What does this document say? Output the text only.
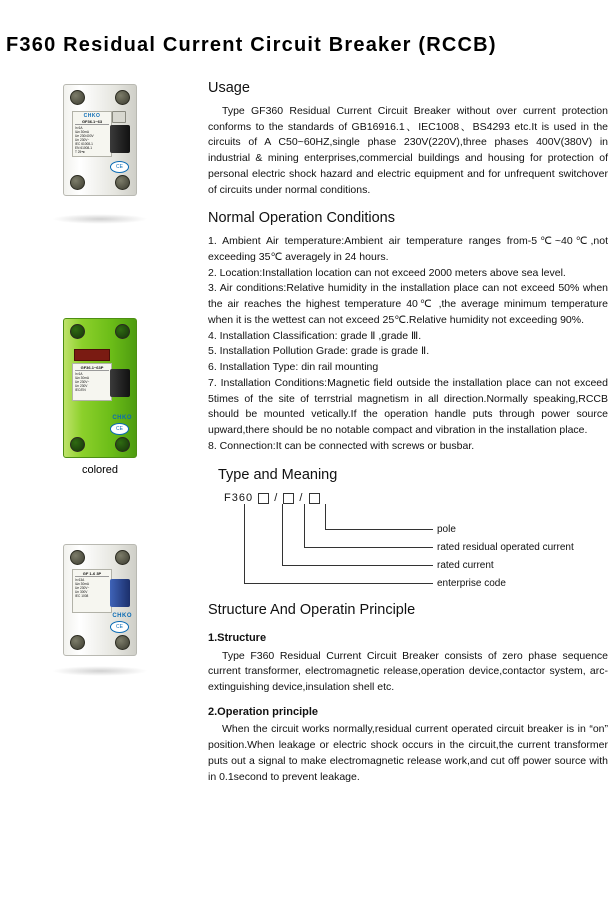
F360 Residual Current Circuit Breaker (RCCB)　
CHKO
GF36.1~63
In 6A
IΔn 30mA
Ue 230/400V
Un 230V~
IEC 61008-1
EN 61008-1
T 25℃
CE
GF36.1~63P
In 6A
IΔn 30mA
Ue 230V~
Un 230V
IEC/EN
CHKO
CE
colored
GF 1-6 3P
In 63A
IΔn 30mA
Ue 230V~
Un 300V
IEC 1008
CHKO
CE
Usage

Type GF360 Residual Current Circuit Breaker without over current protection conforms to the standards of GB16916.1、IEC1008、BS4293 etc.It is used in the circuits of A C50~60HZ,single phase 230V(220V),three phases 400V(380V) in industrial & mining enterprises,commercial buildings and housing for protection of personal electric shock hazard and electric equipment and for unfrequent switchover of circuits under normal conditions.

Normal Operation Conditions

1. Ambient Air temperature:Ambient air temperature ranges from-5℃~40℃,not exceeding 35℃ averagely in 24 hours.

2. Location:Installation location can not exceed 2000 meters above sea level.

3. Air conditions:Relative humidity in the installation place can not exceed 50% when the air reaches the highest temperature 40℃ ,the average minimum temperature when it is the wettest can not exceed 25℃.Relative humidity not exceeding 90%.

4. Installation Classification: grade Ⅱ ,grade Ⅲ.

5. Installation Pollution Grade: grade is grade Ⅱ.

6. Installation Type: din rail mounting

7. Installation Conditions:Magnetic field outside the installation place can not exceed 5times of the site of terrstrial magnetism in all direction.Normally speaking,RCCB should be mounted vetically.If the operation handle puts through power source upward,there should be no notable compact and vibration in the installation place.

8. Connection:It can be connected with screws or busbar.

Type and Meaning
F360 / /
pole
rated residual operated current
rated current
enterprise code
Structure And Operatin Principle
1.Structure

Type F360 Residual Current Circuit Breaker consists of zero phase sequence current transformer, electromagnetic release,operation device,contactor system, arc-extinguishing device,insulation shell etc.

2.Operation principle

When the circuit works normally,residual current operated circuit breaker is in “on” position.When leakage or electric shock occurs in the circuit,the current transformer puts out a signal to make electromagnetic release work,and cut off power source with in 0.1second to prevent leakage.
